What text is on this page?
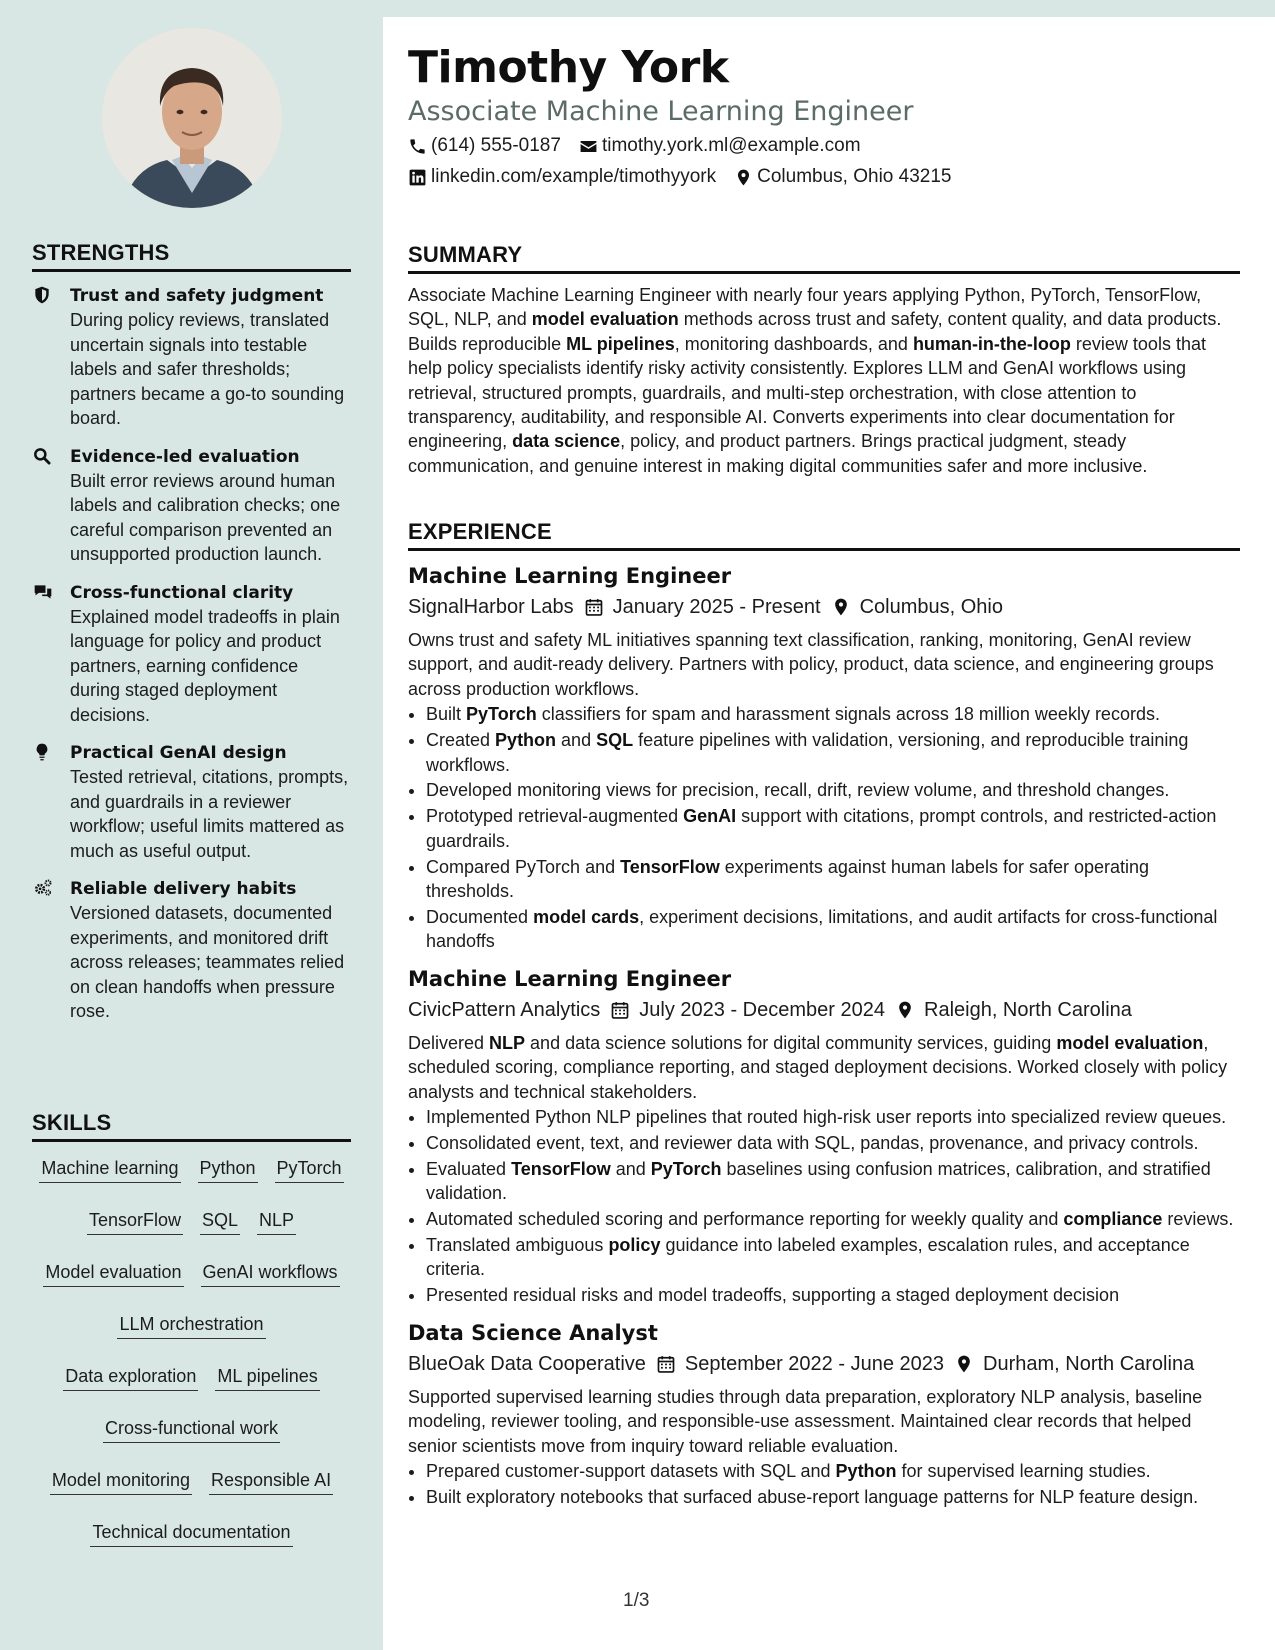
STRENGTHS
Trust and safety judgment
During policy reviews, translated uncertain signals into testable labels and safer thresholds; partners became a go-to sounding board.
Evidence-led evaluation
Built error reviews around human labels and calibration checks; one careful comparison prevented an unsupported production launch.
Cross-functional clarity
Explained model tradeoffs in plain language for policy and product partners, earning confidence during staged deployment decisions.
Practical GenAI design
Tested retrieval, citations, prompts, and guardrails in a reviewer workflow; useful limits mattered as much as useful output.
Reliable delivery habits
Versioned datasets, documented experiments, and monitored drift across releases; teammates relied on clean handoffs when pressure rose.
SKILLS
Machine learning Python PyTorch
TensorFlow SQL NLP
Model evaluation GenAI workflows
LLM orchestration
Data exploration ML pipelines
Cross-functional work
Model monitoring Responsible AI
Technical documentation
Timothy York
Associate Machine Learning Engineer
(614) 555-0187 timothy.york.ml@example.com
linkedin.com/example/timothyyork Columbus, Ohio 43215
SUMMARY

Associate Machine Learning Engineer with nearly four years applying Python, PyTorch, TensorFlow, SQL, NLP, and model evaluation methods across trust and safety, content quality, and data products. Builds reproducible ML pipelines, monitoring dashboards, and human-in-the-loop review tools that help policy specialists identify risky activity consistently. Explores LLM and GenAI workflows using retrieval, structured prompts, guardrails, and multi-step orchestration, with close attention to transparency, auditability, and responsible AI. Converts experiments into clear documentation for engineering, data science, policy, and product partners. Brings practical judgment, steady communication, and genuine interest in making digital communities safer and more inclusive.

EXPERIENCE
Machine Learning Engineer
SignalHarbor Labs January 2025 - Present Columbus, Ohio
Owns trust and safety ML initiatives spanning text classification, ranking, monitoring, GenAI review support, and audit-ready delivery. Partners with policy, product, data science, and engineering groups across production workflows.
• Built PyTorch classifiers for spam and harassment signals across 18 million weekly records.
• Created Python and SQL feature pipelines with validation, versioning, and reproducible training workflows.
• Developed monitoring views for precision, recall, drift, review volume, and threshold changes.
• Prototyped retrieval-augmented GenAI support with citations, prompt controls, and restricted-action guardrails.
• Compared PyTorch and TensorFlow experiments against human labels for safer operating thresholds.
• Documented model cards, experiment decisions, limitations, and audit artifacts for cross-functional handoffs
Machine Learning Engineer
CivicPattern Analytics July 2023 - December 2024 Raleigh, North Carolina
Delivered NLP and data science solutions for digital community services, guiding model evaluation, scheduled scoring, compliance reporting, and staged deployment decisions. Worked closely with policy analysts and technical stakeholders.
• Implemented Python NLP pipelines that routed high-risk user reports into specialized review queues.
• Consolidated event, text, and reviewer data with SQL, pandas, provenance, and privacy controls.
• Evaluated TensorFlow and PyTorch baselines using confusion matrices, calibration, and stratified validation.
• Automated scheduled scoring and performance reporting for weekly quality and compliance reviews.
• Translated ambiguous policy guidance into labeled examples, escalation rules, and acceptance criteria.
• Presented residual risks and model tradeoffs, supporting a staged deployment decision
Data Science Analyst
BlueOak Data Cooperative September 2022 - June 2023 Durham, North Carolina
Supported supervised learning studies through data preparation, exploratory NLP analysis, baseline modeling, reviewer tooling, and responsible-use assessment. Maintained clear records that helped senior scientists move from inquiry toward reliable evaluation.
• Prepared customer-support datasets with SQL and Python for supervised learning studies.
• Built exploratory notebooks that surfaced abuse-report language patterns for NLP feature design.
1/3
